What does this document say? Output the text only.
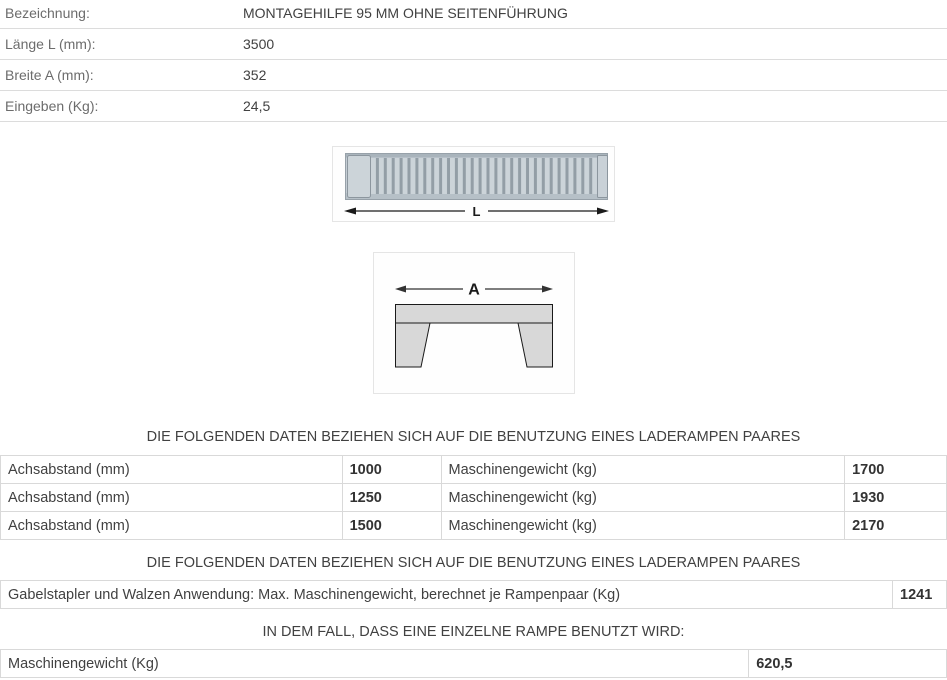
Bezeichnung:	MONTAGEHILFE 95 MM OHNE SEITENFÜHRUNG
Länge L (mm):	3500
Breite A (mm):	352
Eingeben (Kg):	24,5
L
A
DIE FOLGENDEN DATEN BEZIEHEN SICH AUF DIE BENUTZUNG EINES LADERAMPEN PAARES
Achsabstand (mm)	1000	Maschinengewicht (kg)	1700
Achsabstand (mm)	1250	Maschinengewicht (kg)	1930
Achsabstand (mm)	1500	Maschinengewicht (kg)	2170
DIE FOLGENDEN DATEN BEZIEHEN SICH AUF DIE BENUTZUNG EINES LADERAMPEN PAARES
Gabelstapler und Walzen Anwendung: Max. Maschinengewicht, berechnet je Rampenpaar (Kg)	1241
IN DEM FALL, DASS EINE EINZELNE RAMPE BENUTZT WIRD:
Maschinengewicht (Kg)	620,5
